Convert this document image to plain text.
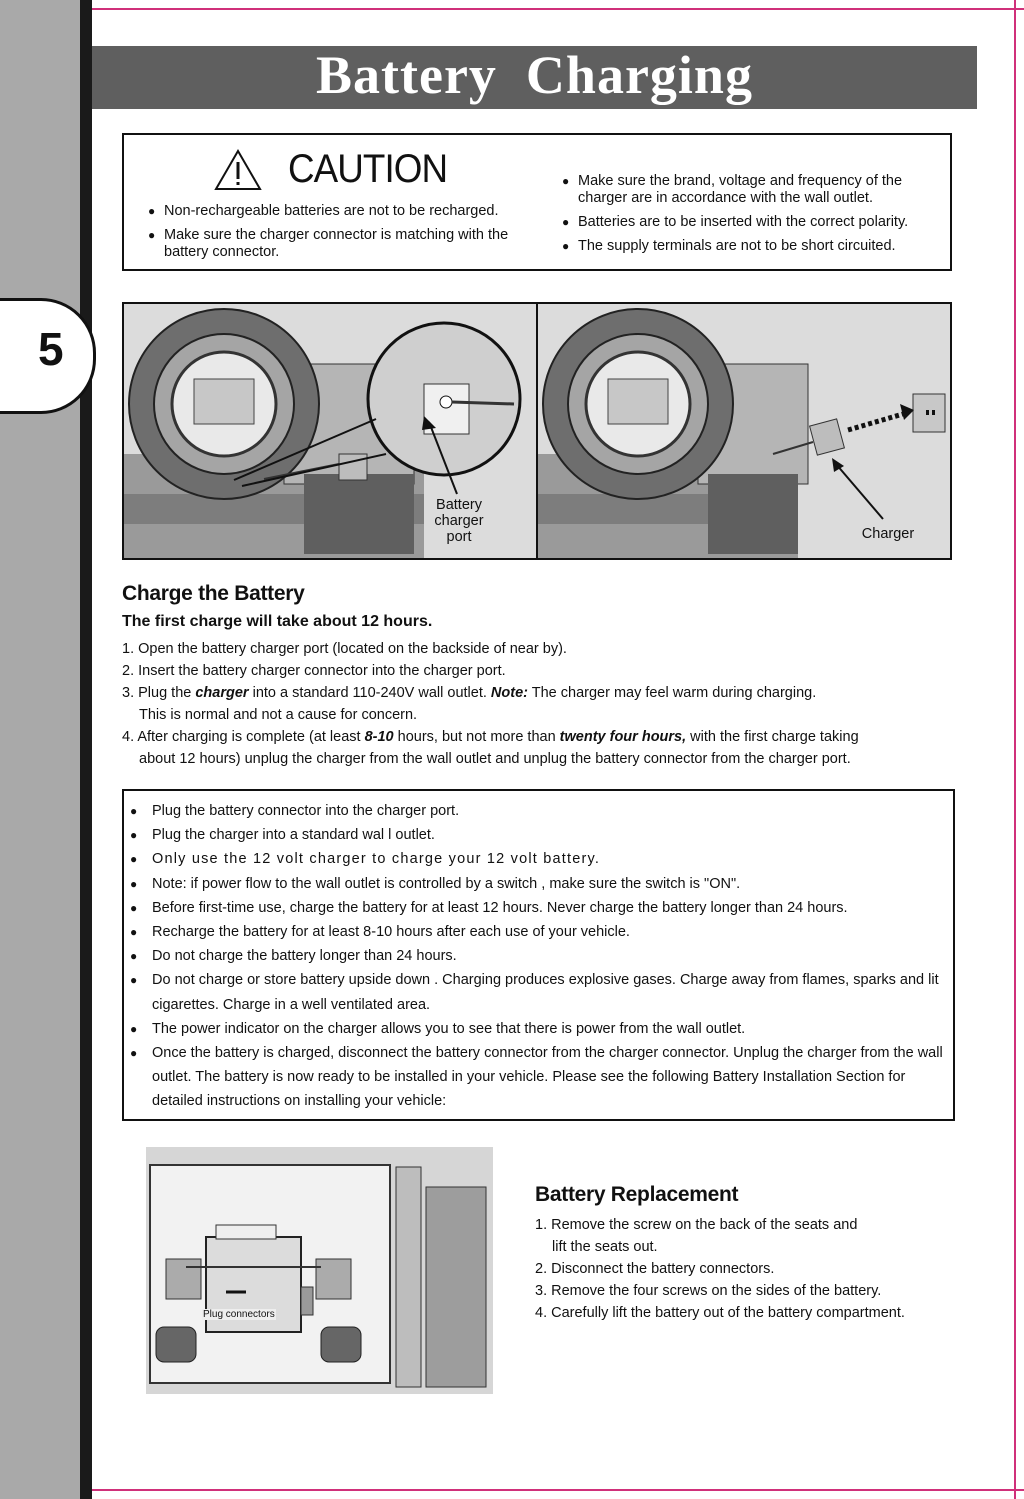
5
Battery  Charging
CAUTION
● Non-rechargeable batteries are not to be recharged.
● Make sure the charger connector is matching with the battery connector.
● Make sure the brand, voltage and frequency of the charger are in accordance with the wall outlet.
● Batteries are to be inserted with the correct polarity.
● The supply terminals are not to be short circuited.
Battery
charger
port	Charger
Charge the Battery
The first charge will take about 12 hours.

1. Open the battery charger port (located on the backside of near by).

2. Insert the battery charger connector into the charger port.

3. Plug the charger into a standard 110-240V wall outlet. Note: The charger may feel warm during charging.

This is normal and not a cause for concern.

4. After charging is complete (at least 8-10 hours, but not more than twenty four hours, with the first charge taking

about 12 hours) unplug the charger from the wall outlet and unplug the battery connector from the charger port.

● Plug the battery connector into the charger port.
● Plug the charger into a standard wal l outlet.
● Only use the 12 volt charger to charge your 12 volt battery.
● Note: if power flow to the wall outlet is controlled by a switch , make sure the switch is "ON".
● Before first-time use, charge the battery for at least 12 hours. Never charge the battery longer than 24 hours.
● Recharge the battery for at least 8-10 hours after each use of your vehicle.
● Do not charge the battery longer than 24 hours.
● Do not charge or store battery upside down . Charging produces explosive gases. Charge away from flames, sparks and lit cigarettes. Charge in a well ventilated area.
● The power indicator on the charger allows you to see that there is power from the wall outlet.
● Once the battery is charged, disconnect the battery connector from the charger connector. Unplug the charger from the wall outlet. The battery is now ready to be installed in your vehicle. Please see the following Battery Installation Section for detailed instructions on installing your vehicle:
Plug connectors
Battery Replacement

1. Remove the screw on the back of the seats and

lift the seats out.

2. Disconnect the battery connectors.

3. Remove the four screws on the sides of the battery.

4. Carefully lift the battery out of the battery compartment.
